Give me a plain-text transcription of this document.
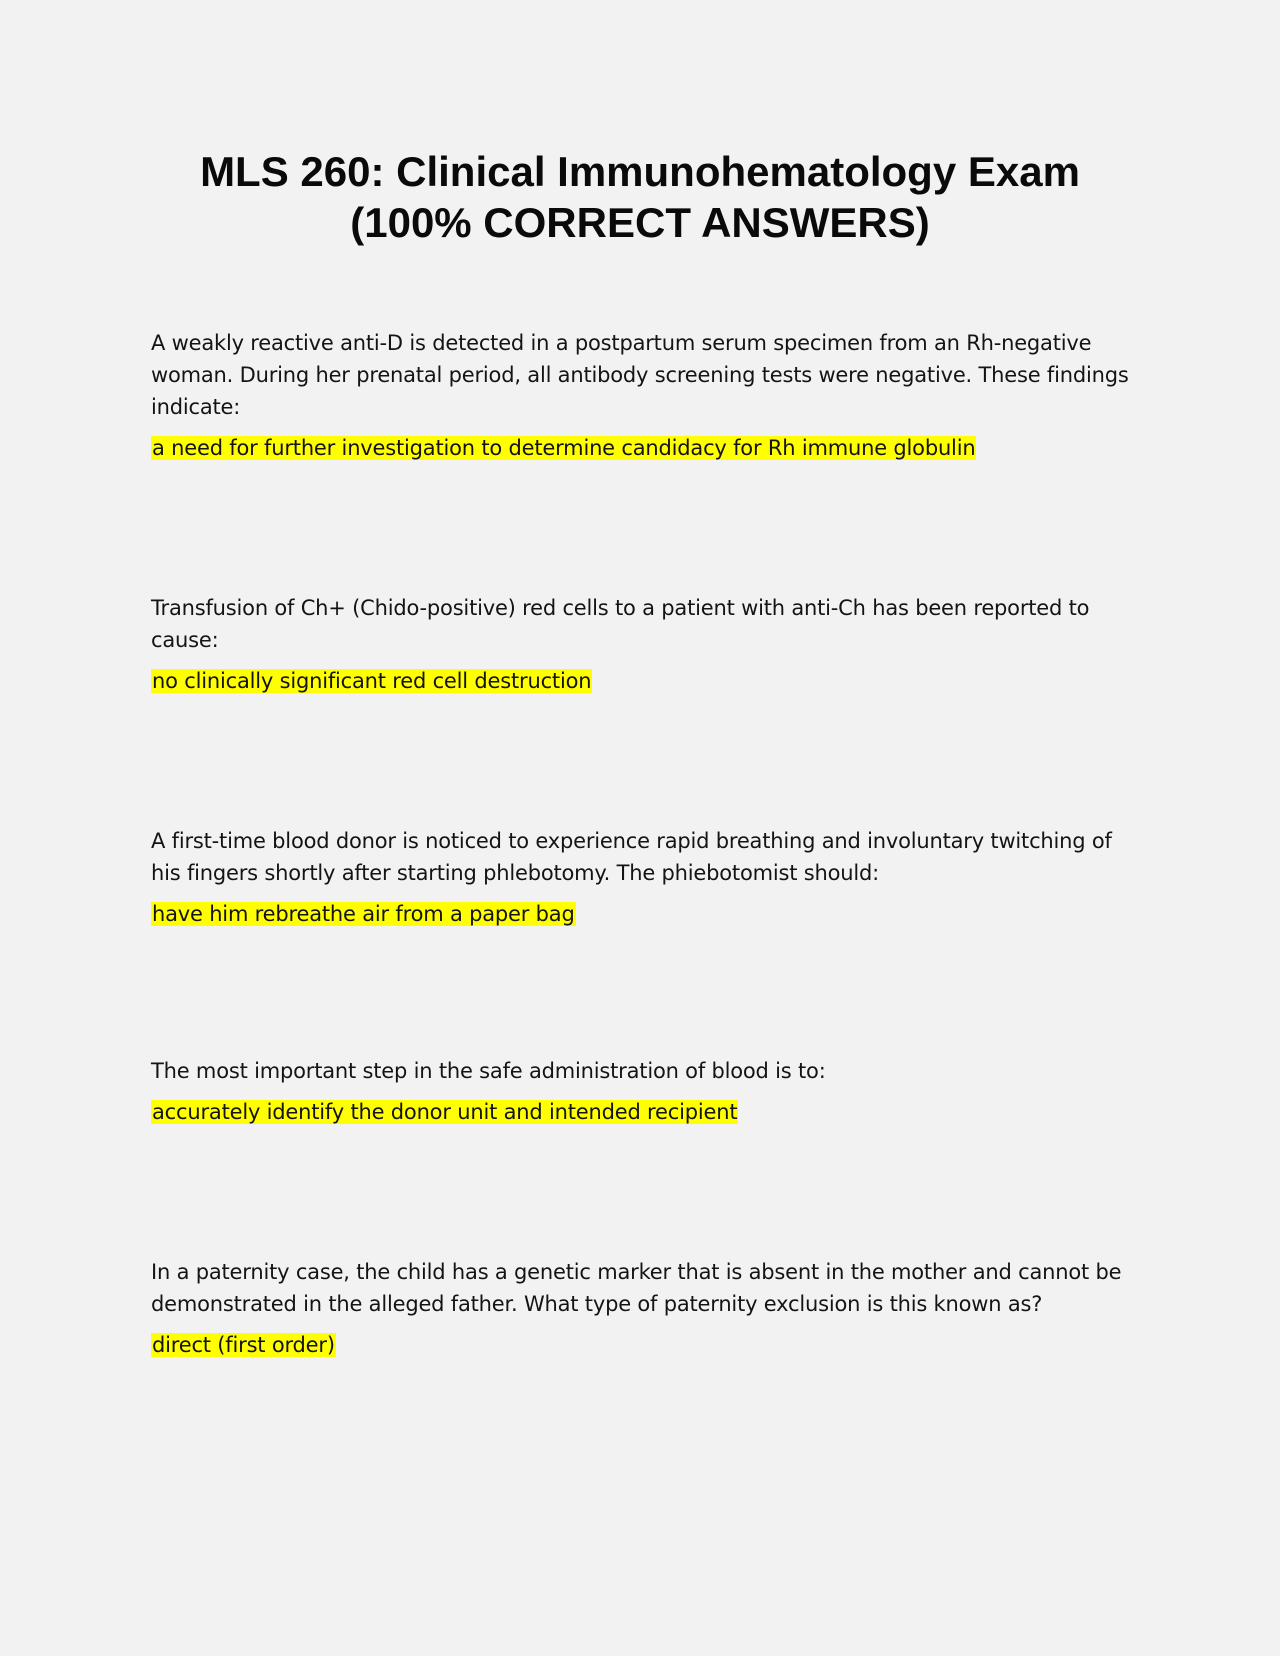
MLS 260: Clinical Immunohematology Exam
(100% CORRECT ANSWERS)

A weakly reactive anti-D is detected in a postpartum serum specimen from an Rh-negative woman. During her prenatal period, all antibody screening tests were negative. These findings indicate:

a need for further investigation to determine candidacy for Rh immune globulin

Transfusion of Ch+ (Chido-positive) red cells to a patient with anti-Ch has been reported to cause:

no clinically significant red cell destruction

A first-time blood donor is noticed to experience rapid breathing and involuntary twitching of his fingers shortly after starting phlebotomy. The phiebotomist should:

have him rebreathe air from a paper bag

The most important step in the safe administration of blood is to:

accurately identify the donor unit and intended recipient

In a paternity case, the child has a genetic marker that is absent in the mother and cannot be demonstrated in the alleged father. What type of paternity exclusion is this known as?

direct (first order)
